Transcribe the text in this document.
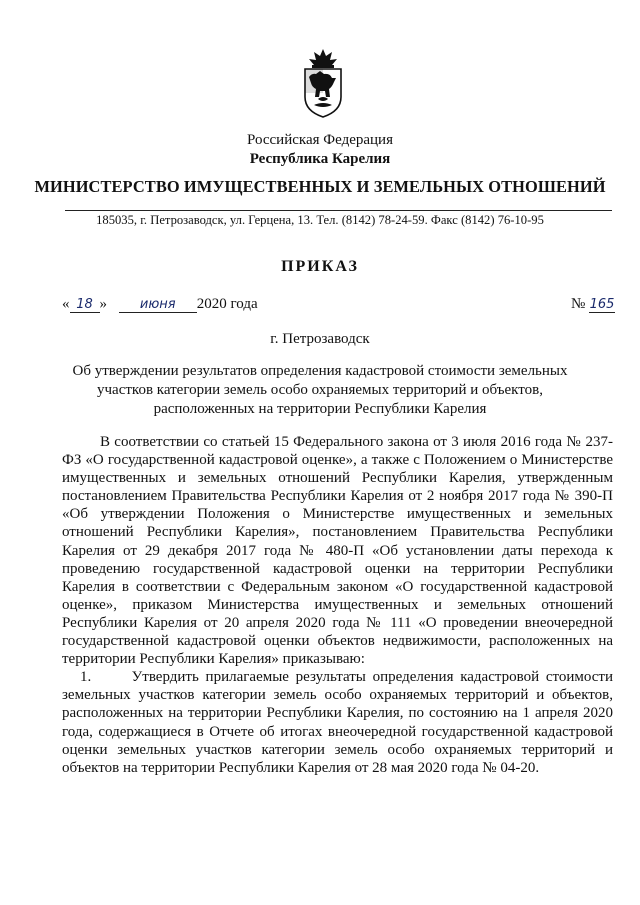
Российская Федерация
Республика Карелия
МИНИСТЕРСТВО ИМУЩЕСТВЕННЫХ И ЗЕМЕЛЬНЫХ ОТНОШЕНИЙ
185035, г. Петрозаводск, ул. Герцена, 13. Тел. (8142) 78-24-59. Факс (8142) 76-10-95
ПРИКАЗ
« 18 »	июня 2020 года	№ 165
г. Петрозаводск
Об утверждении результатов определения кадастровой стоимости земельных участков категории земель особо охраняемых территорий и объектов, расположенных на территории Республики Карелия

В соответствии со статьей 15 Федерального закона от 3 июля 2016 года № 237-ФЗ «О государственной кадастровой оценке», а также с Положением о Министерстве имущественных и земельных отношений Республики Карелия, утвержденным постановлением Правительства Республики Карелия от 2 ноября 2017 года № 390-П «Об утверждении Положения о Министерстве имущественных и земельных отношений Республики Карелия», постановлением Правительства Республики Карелия от 29 декабря 2017 года № 480-П «Об установлении даты перехода к проведению государственной кадастровой оценки на территории Республики Карелия в соответствии с Федеральным законом «О государственной кадастровой оценке», приказом Министерства имущественных и земельных отношений Республики Карелия от 20 апреля 2020 года № 111 «О проведении внеочередной государственной кадастровой оценки объектов недвижимости, расположенных на территории Республики Карелия» приказываю:

1.      Утвердить прилагаемые результаты определения кадастровой стоимости земельных участков категории земель особо охраняемых территорий и объектов, расположенных на территории Республики Карелия, по состоянию на 1 апреля 2020 года, содержащиеся в Отчете об итогах внеочередной государственной кадастровой оценки земельных участков категории земель особо охраняемых территорий и объектов на территории Республики Карелия от 28 мая 2020 года № 04-20.
